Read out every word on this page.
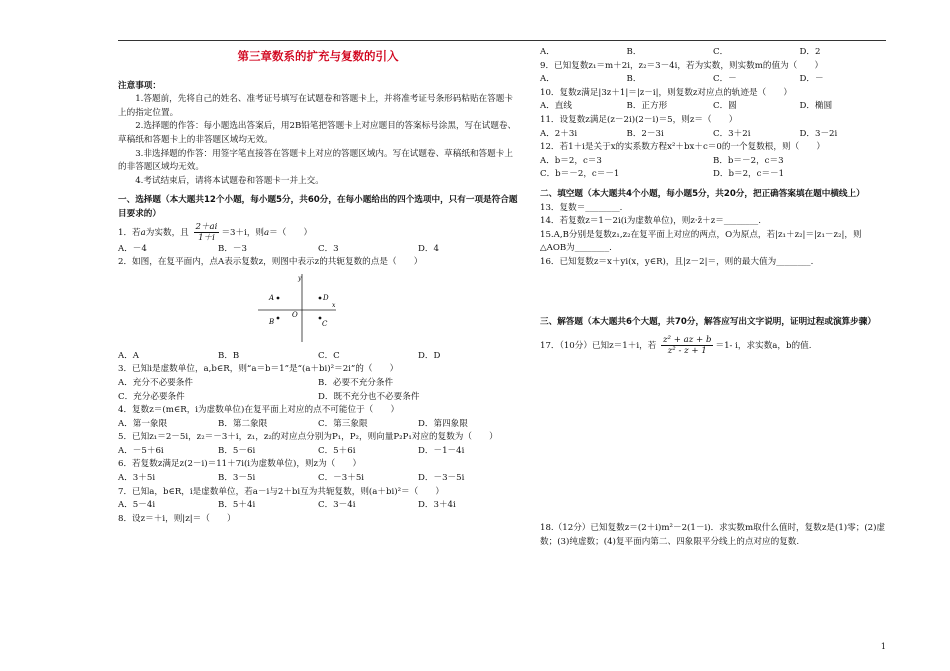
第三章数系的扩充与复数的引入
注意事项：

1.答题前，先将自己的姓名、准考证号填写在试题卷和答题卡上，并将准考证号条形码粘贴在答题卡上的指定位置。

2.选择题的作答：每小题选出答案后，用2B铅笔把答题卡上对应题目的答案标号涂黑，写在试题卷、草稿纸和答题卡上的非答题区域均无效。

3.非选择题的作答：用签字笔直接答在答题卡上对应的答题区域内。写在试题卷、草稿纸和答题卡上的非答题区域均无效。

4.考试结束后，请将本试题卷和答题卡一并上交。

一、选择题（本大题共12个小题，每小题5分，共60分，在每小题给出的四个选项中，只有一项是符合题目要求的）

1．若a为实数，且 $\frac{2+ai}{1+i} =3+i$，则a＝（　　）

A．－4	B．－3	C．3	D．4

2．如图，在复平面内，点A表示复数z，则图中表示z的共轭复数的点是（　　）

y
x
O
A	D
B	C
A．A	B．B	C．C	D．D

3．已知i是虚数单位，a,b∈R，则“a＝b＝1”是“(a＋bi)²＝2i”的（　　）

A．充分不必要条件	B．必要不充分条件
C．充分必要条件	D．既不充分也不必要条件

4．复数z＝(m∈R，i为虚数单位)在复平面上对应的点不可能位于（　　）

A．第一象限	B．第二象限	C．第三象限	D．第四象限

5．已知z₁＝2－5i，z₂＝－3＋i，z₁，z₂的对应点分别为P₁，P₂，则向量P₂P₁对应的复数为（　　）

A．－5＋6i	B．5－6i	C．5＋6i	D．－1－4i

6．若复数z满足z(2－i)＝11＋7i(i为虚数单位)，则z为（　　）

A．3＋5i	B．3－5i	C．－3＋5i	D．－3－5i

7．已知a，b∈R，i是虚数单位，若a－i与2＋bi互为共轭复数，则(a＋bi)²＝（　　）

A．5－4i	B．5＋4i	C．3－4i	D．3＋4i

8．设z＝＋i，则|z|＝（　　）

A．	B．	C．	D．2

9．已知复数z₁＝m＋2i，z₂＝3－4i，若为实数，则实数m的值为（　　）

A．	B．	C．－	D．－

10．复数z满足|3z＋1|＝|z－i|，则复数z对应点的轨迹是（　　）

A．直线	B．正方形	C．圆	D．椭圆

11．设复数z满足(z－2i)(2－i)＝5，则z＝（　　）

A．2＋3i	B．2－3i	C．3＋2i	D．3－2i

12．若1＋i是关于x的实系数方程x²＋bx＋c＝0的一个复数根，则（　　）

A．b＝2，c＝3	B．b＝－2，c＝3
C．b＝－2，c＝－1	D．b＝2，c＝－1
二、填空题（本大题共4个小题，每小题5分，共20分，把正确答案填在题中横线上）

13．复数＝________.

14．若复数z＝1－2i(i为虚数单位)，则z·z̄＋z＝________.

15.A,B分别是复数z₁,z₂在复平面上对应的两点，O为原点，若|z₁＋z₂|＝|z₁－z₂|，则△AOB为________.

16．已知复数z＝x＋yi(x，y∈R)，且|z－2|＝，则的最大值为________.

三、解答题（本大题共6个大题，共70分，解答应写出文字说明，证明过程或演算步骤）

17．（10分）已知z＝1＋i，若 $\frac{\text{z² + az + b}}{\text{z² - z + 1}} =1-$ i，求实数a，b的值.

18.（12分）已知复数z＝(2＋i)m²－2(1－i)．求实数m取什么值时，复数z是(1)零；(2)虚数；(3)纯虚数；(4)复平面内第二、四象限平分线上的点对应的复数.

1
